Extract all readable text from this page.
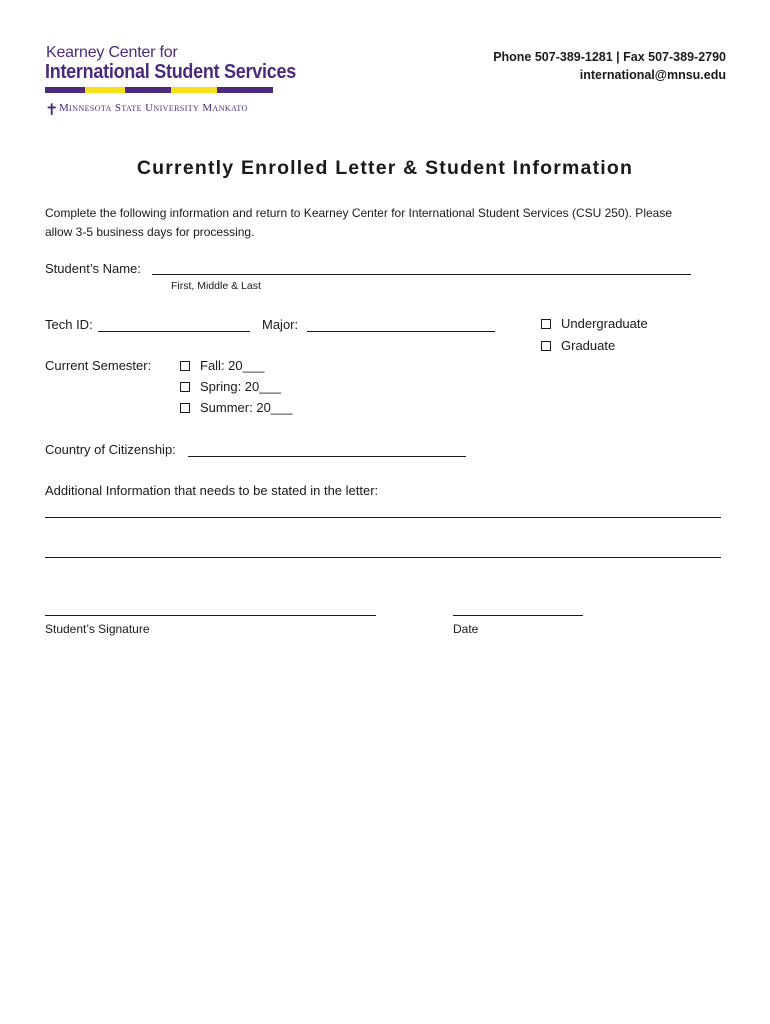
Kearney Center for
International Student Services
✝ Minnesota State University Mankato
Phone 507-389-1281 | Fax 507-389-2790
international@mnsu.edu
Currently Enrolled Letter & Student Information
Complete the following information and return to Kearney Center for International Student Services (CSU 250). Please
allow 3-5 business days for processing.
Student’s Name:
First, Middle & Last
Tech ID:	Major:	Undergraduate
Graduate
Current Semester:	Fall: 20___
Spring: 20___
Summer: 20___
Country of Citizenship:
Additional Information that needs to be stated in the letter:
Student’s Signature	Date
